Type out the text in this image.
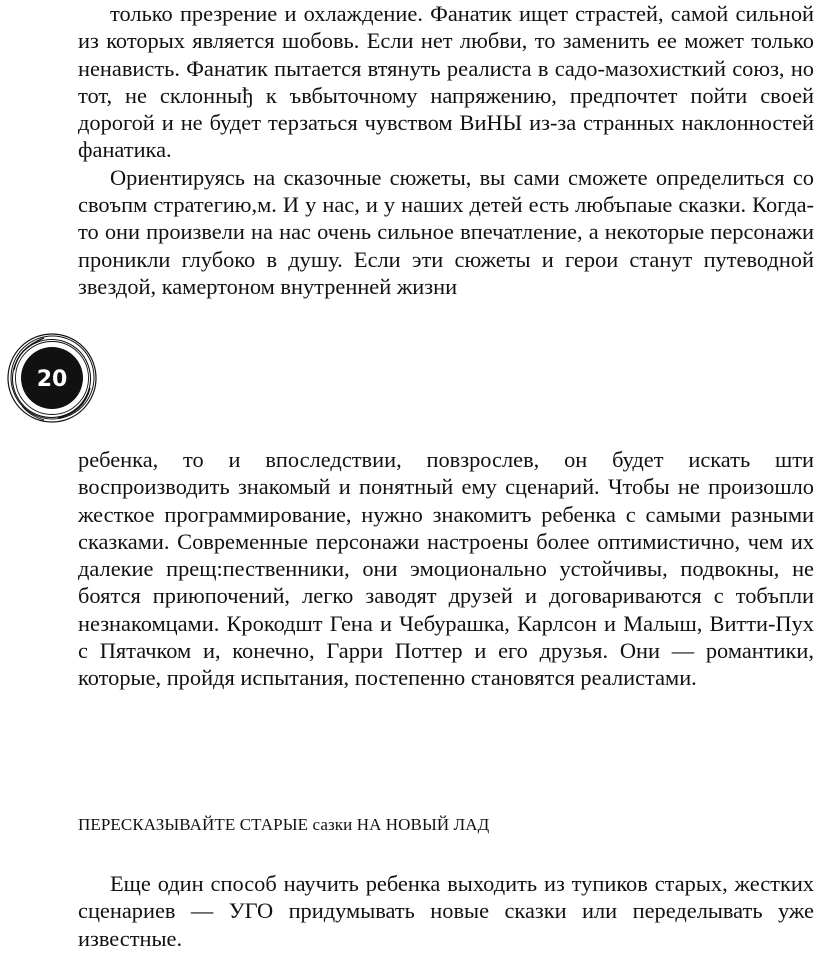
только презрение и охлаждение. Фанатик ищет страстей, самой сильной из которых является шобовь. Если нет любви, то заменить ее может только ненависть. Фанатик пытается втянуть реалиста в садо-мазохисткий союз, но тот, не склонныђ к ъвбыточному напряжению, предпочтет пойти своей дорогой и не будет терзаться чувством ВиНЫ из-за странных наклонностей фанатика.

Ориентируясь на сказочные сюжеты, вы сами сможете определиться со своъпм стратегию,м. И у нас, и у наших детей есть любъпаые сказки. Когда-то они произвели на нас очень сильное впечатление, а некоторые персонажи проникли глубоко в душу. Если эти сюжеты и герои станут путеводной звездой, камертоном внутренней жизни

20

ребенка, то и впоследствии, повзрослев, он будет искать шти воспроизводить знакомый и понятный ему сценарий. Чтобы не произошло жесткое программирование, нужно знакомитъ ребенка с самыми разными сказками. Современные персонажи настроены более оптимистично, чем их далекие прещ:пественники, они эмоционально устойчивы, подвокны, не боятся приюпочений, легко заводят друзей и договариваются с тобъпли незнакомцами. Крокодшт Гена и Чебурашка, Карлсон и Малыш, Витти-Пух с Пятачком и, конечно, Гарри Поттер и его друзья. Они — романтики, которые, пройдя испытания, постепенно становятся реалистами.

ПЕРЕСКАЗЫВАЙТЕ СТАРЫЕ сазки НА НОВЫЙ ЛАД

Еще один способ научить ребенка выходить из тупиков старых, жестких сценариев — УГО придумывать новые сказки или переделывать уже известные.
